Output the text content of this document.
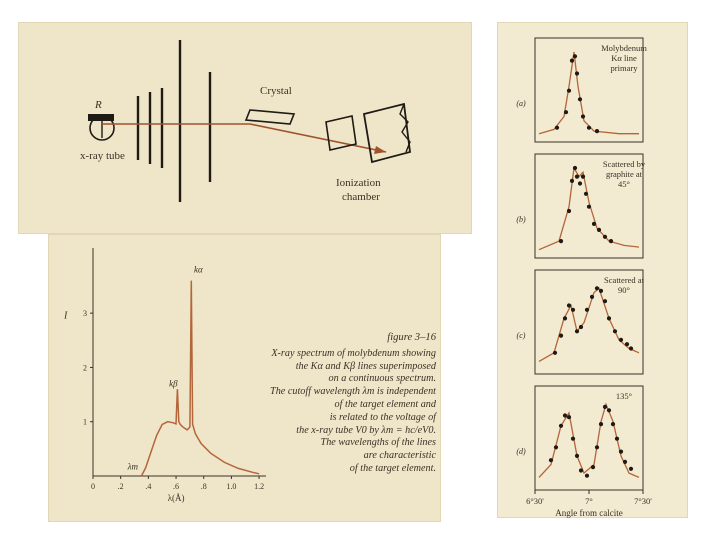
R
x-ray tube
Crystal
Ionization
chamber
0	.2	.4	.6	.8 1.0 1.2
1
2
3
I
λ(Å)
kα
kβ
λm
figure 3–16
X-ray spectrum of molybdenum showing
the Kα and Kβ lines superimposed
on a continuous spectrum.
The cutoff wavelength λm is independent
of the target element and
is related to the voltage of
the x-ray tube V0 by λm = hc/eV0.
The wavelengths of the lines
are characteristic
of the target element.
(a)
Molybdenum
Kα line
primary
(b)
Scattered by
graphite at
45°
(c)
Scattered at
90°
(d)
135°
6°30'	7°	7°30'
Angle from calcite
